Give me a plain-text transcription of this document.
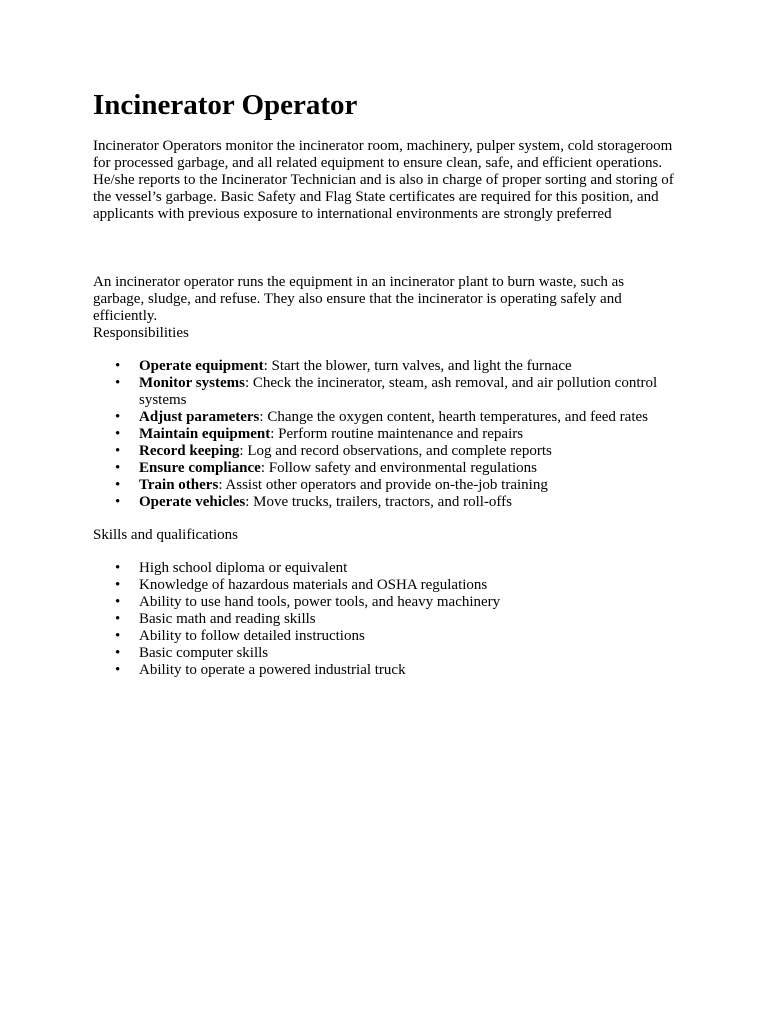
Incinerator Operator

Incinerator Operators monitor the incinerator room, machinery, pulper system, cold storageroom for processed garbage, and all related equipment to ensure clean, safe, and efficient operations. He/she reports to the Incinerator Technician and is also in charge of proper sorting and storing of the vessel’s garbage. Basic Safety and Flag State certificates are required for this position, and applicants with previous exposure to international environments are strongly preferred

An incinerator operator runs the equipment in an incinerator plant to burn waste, such as garbage, sludge, and refuse. They also ensure that the incinerator is operating safely and efficiently.
Responsibilities

• Operate equipment: Start the blower, turn valves, and light the furnace
• Monitor systems: Check the incinerator, steam, ash removal, and air pollution control systems
• Adjust parameters: Change the oxygen content, hearth temperatures, and feed rates
• Maintain equipment: Perform routine maintenance and repairs
• Record keeping: Log and record observations, and complete reports
• Ensure compliance: Follow safety and environmental regulations
• Train others: Assist other operators and provide on-the-job training
• Operate vehicles: Move trucks, trailers, tractors, and roll-offs

Skills and qualifications

• High school diploma or equivalent
• Knowledge of hazardous materials and OSHA regulations
• Ability to use hand tools, power tools, and heavy machinery
• Basic math and reading skills
• Ability to follow detailed instructions
• Basic computer skills
• Ability to operate a powered industrial truck
